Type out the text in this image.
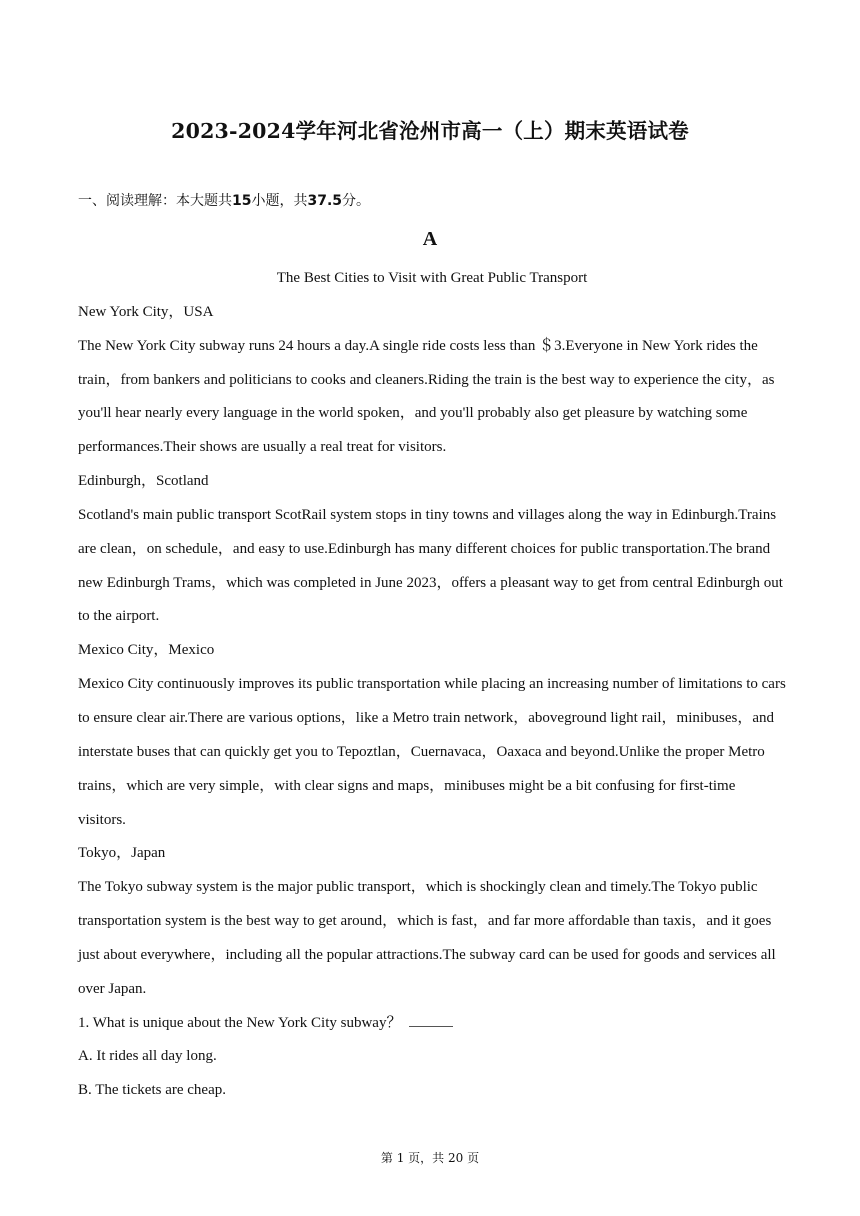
2023-2024学年河北省沧州市高一（上）期末英语试卷
一、阅读理解：本大题共15小题，共37.5分。
A

The Best Cities to Visit with Great Public Transport

New York City，USA

The New York City subway runs 24 hours a day.A single ride costs less than ＄3.Everyone in New York rides the train，from bankers and politicians to cooks and cleaners.Riding the train is the best way to experience the city，as you'll hear nearly every language in the world spoken，and you'll probably also get pleasure by watching some performances.Their shows are usually a real treat for visitors.

Edinburgh，Scotland

Scotland's main public transport ScotRail system stops in tiny towns and villages along the way in Edinburgh.Trains are clean，on schedule，and easy to use.Edinburgh has many different choices for public transportation.The brand new Edinburgh Trams，which was completed in June 2023，offers a pleasant way to get from central Edinburgh out to the airport.

Mexico City，Mexico

Mexico City continuously improves its public transportation while placing an increasing number of limitations to cars to ensure clear air.There are various options，like a Metro train network，aboveground light rail，minibuses，and interstate buses that can quickly get you to Tepoztlan，Cuernavaca，Oaxaca and beyond.Unlike the proper Metro trains，which are very simple，with clear signs and maps，minibuses might be a bit confusing for first-time visitors.

Tokyo，Japan

The Tokyo subway system is the major public transport，which is shockingly clean and timely.The Tokyo public transportation system is the best way to get around，which is fast，and far more affordable than taxis，and it goes just about everywhere，including all the popular attractions.The subway card can be used for goods and services all over Japan.

1. What is unique about the New York City subway？

A. It rides all day long.

B. The tickets are cheap.

第 1 页，共 20 页
